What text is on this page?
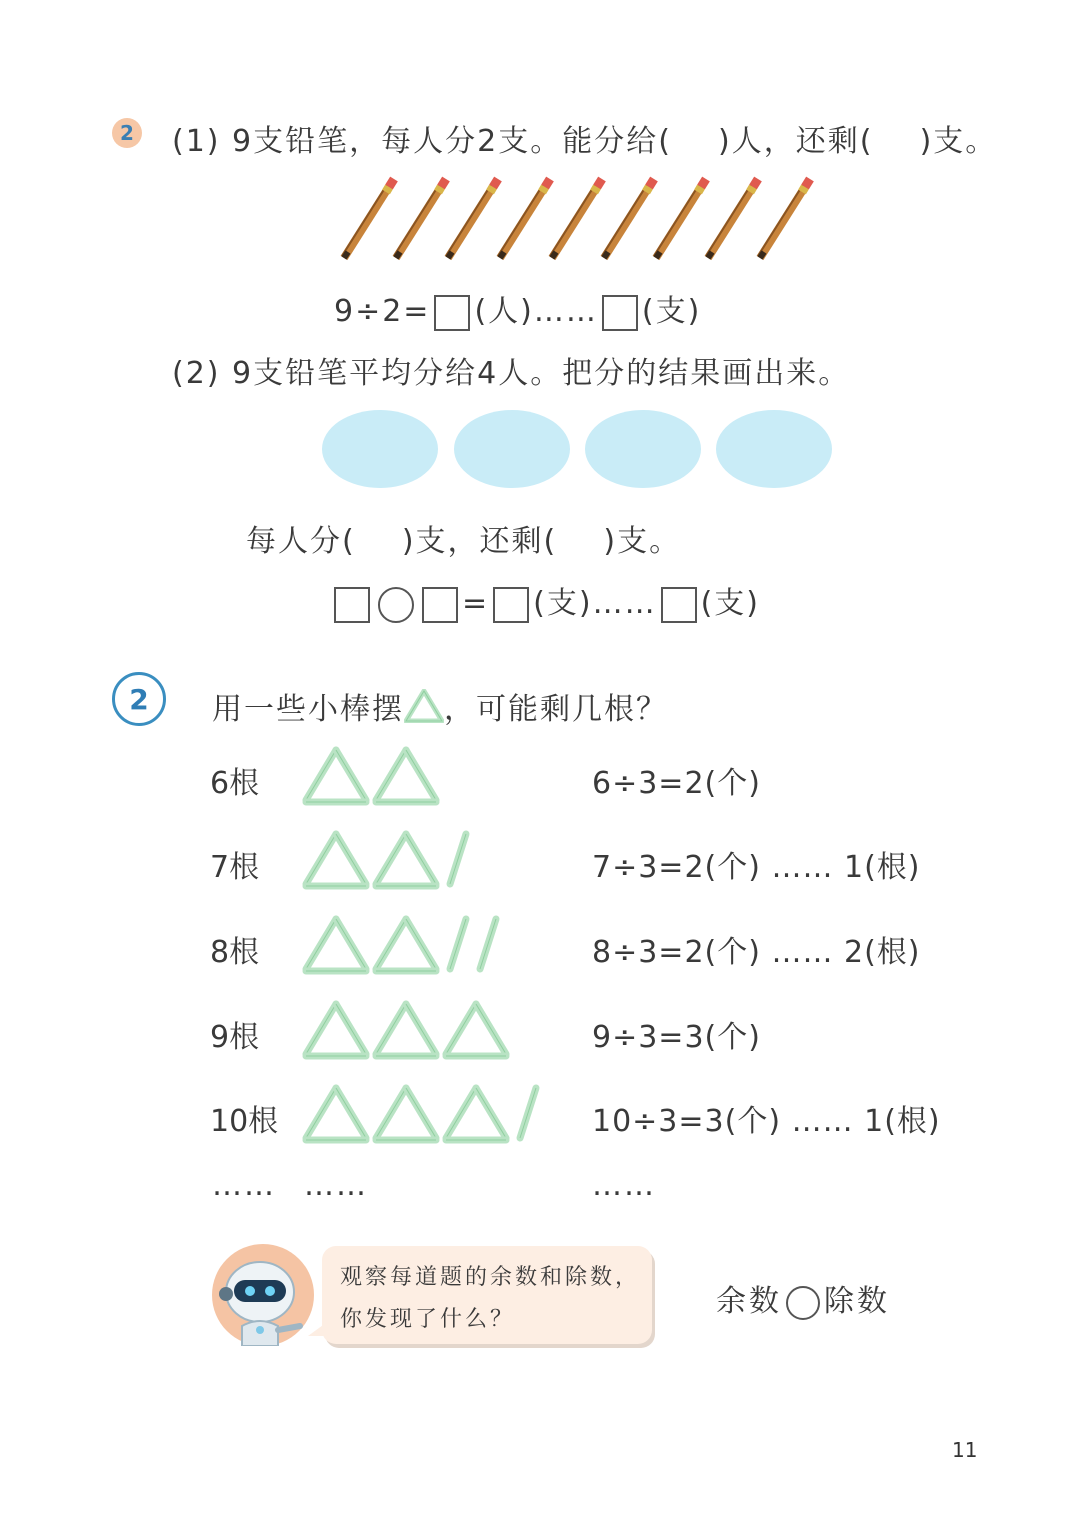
2 (1) 9支铅笔，每人分2支。能分给(    )人，还剩(    )支。
9÷2= (人)…… (支)
(2) 9支铅笔平均分给4人。把分的结果画出来。
每人分(    )支，还剩(    )支。
= (支)…… (支)
2	用一些小棒摆 ，可能剩几根？
6根	6÷3=2(个)
7根	7÷3=2(个) …… 1(根)
8根	8÷3=2(个) …… 2(根)
9根	9÷3=3(个)
10根	10÷3=3(个) …… 1(根)
…… ……	……
观察每道题的余数和除数，
你发现了什么？
余数 除数
11
